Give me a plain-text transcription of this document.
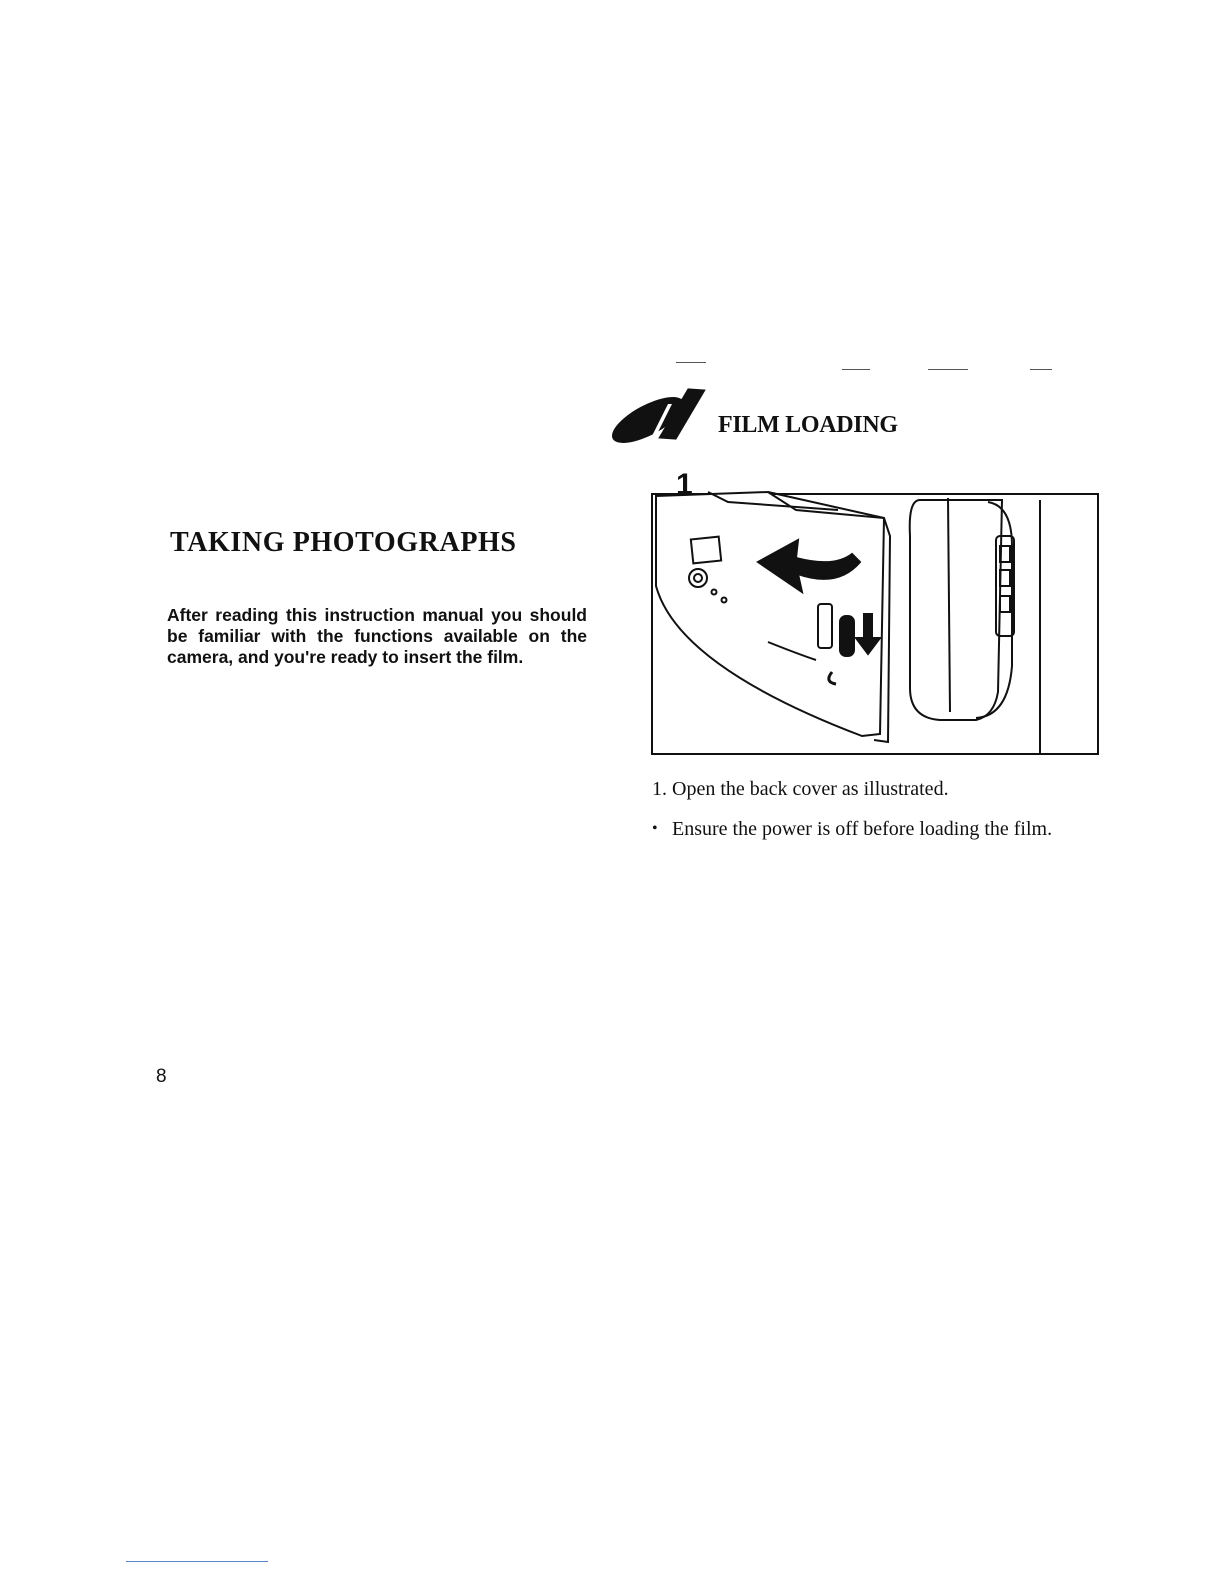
TAKING PHOTOGRAPHS

After reading this instruction manual you should be familiar with the functions available on the camera, and you're ready to insert the film.

8
FILM LOADING
1
1. Open the back cover as illustrated.
• Ensure the power is off before loading the film.
